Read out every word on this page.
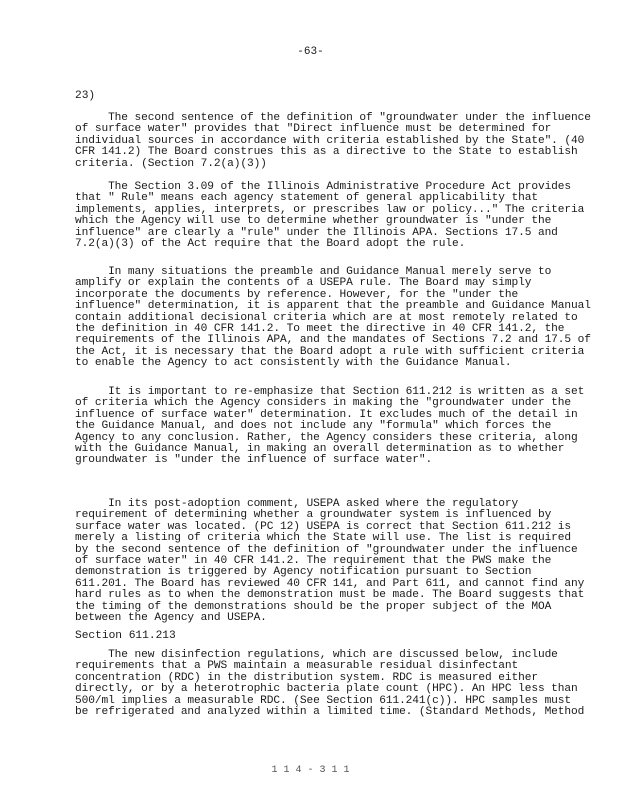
-63-
23)
The second sentence of the definition of "groundwater under the influence
of surface water" provides that "Direct influence must be determined for
individual sources in accordance with criteria established by the State". (40
CFR 141.2) The Board construes this as a directive to the State to establish
criteria. (Section 7.2(a)(3))
The Section 3.09 of the Illinois Administrative Procedure Act provides
that " Rule" means each agency statement of general applicability that
implements, applies, interprets, or prescribes law or policy..." The criteria
which the Agency will use to determine whether groundwater is "under the
influence" are clearly a "rule" under the Illinois APA. Sections 17.5 and
7.2(a)(3) of the Act require that the Board adopt the rule.
In many situations the preamble and Guidance Manual merely serve to
amplify or explain the contents of a USEPA rule. The Board may simply
incorporate the documents by reference. However, for the "under the
influence" determination, it is apparent that the preamble and Guidance Manual
contain additional decisional criteria which are at most remotely related to
the definition in 40 CFR 141.2. To meet the directive in 40 CFR 141.2, the
requirements of the Illinois APA, and the mandates of Sections 7.2 and 17.5 of
the Act, it is necessary that the Board adopt a rule with sufficient criteria
to enable the Agency to act consistently with the Guidance Manual.
It is important to re-emphasize that Section 611.212 is written as a set
of criteria which the Agency considers in making the "groundwater under the
influence of surface water" determination. It excludes much of the detail in
the Guidance Manual, and does not include any "formula" which forces the
Agency to any conclusion. Rather, the Agency considers these criteria, along
with the Guidance Manual, in making an overall determination as to whether
groundwater is "under the influence of surface water".
In its post-adoption comment, USEPA asked where the regulatory
requirement of determining whether a groundwater system is influenced by
surface water was located. (PC 12) USEPA is correct that Section 611.212 is
merely a listing of criteria which the State will use. The list is required
by the second sentence of the definition of "groundwater under the influence
of surface water" in 40 CFR 141.2. The requirement that the PWS make the
demonstration is triggered by Agency notification pursuant to Section
611.201. The Board has reviewed 40 CFR 141, and Part 611, and cannot find any
hard rules as to when the demonstration must be made. The Board suggests that
the timing of the demonstrations should be the proper subject of the MOA
between the Agency and USEPA.
The new disinfection regulations, which are discussed below, include
requirements that a PWS maintain a measurable residual disinfectant
concentration (RDC) in the distribution system. RDC is measured either
directly, or by a heterotrophic bacteria plate count (HPC). An HPC less than
500/ml implies a measurable RDC. (See Section 611.241(c)). HPC samples must
be refrigerated and analyzed within a limited time. (Standard Methods, Method
Section 611.213
1 1 4 - 3 1 1
